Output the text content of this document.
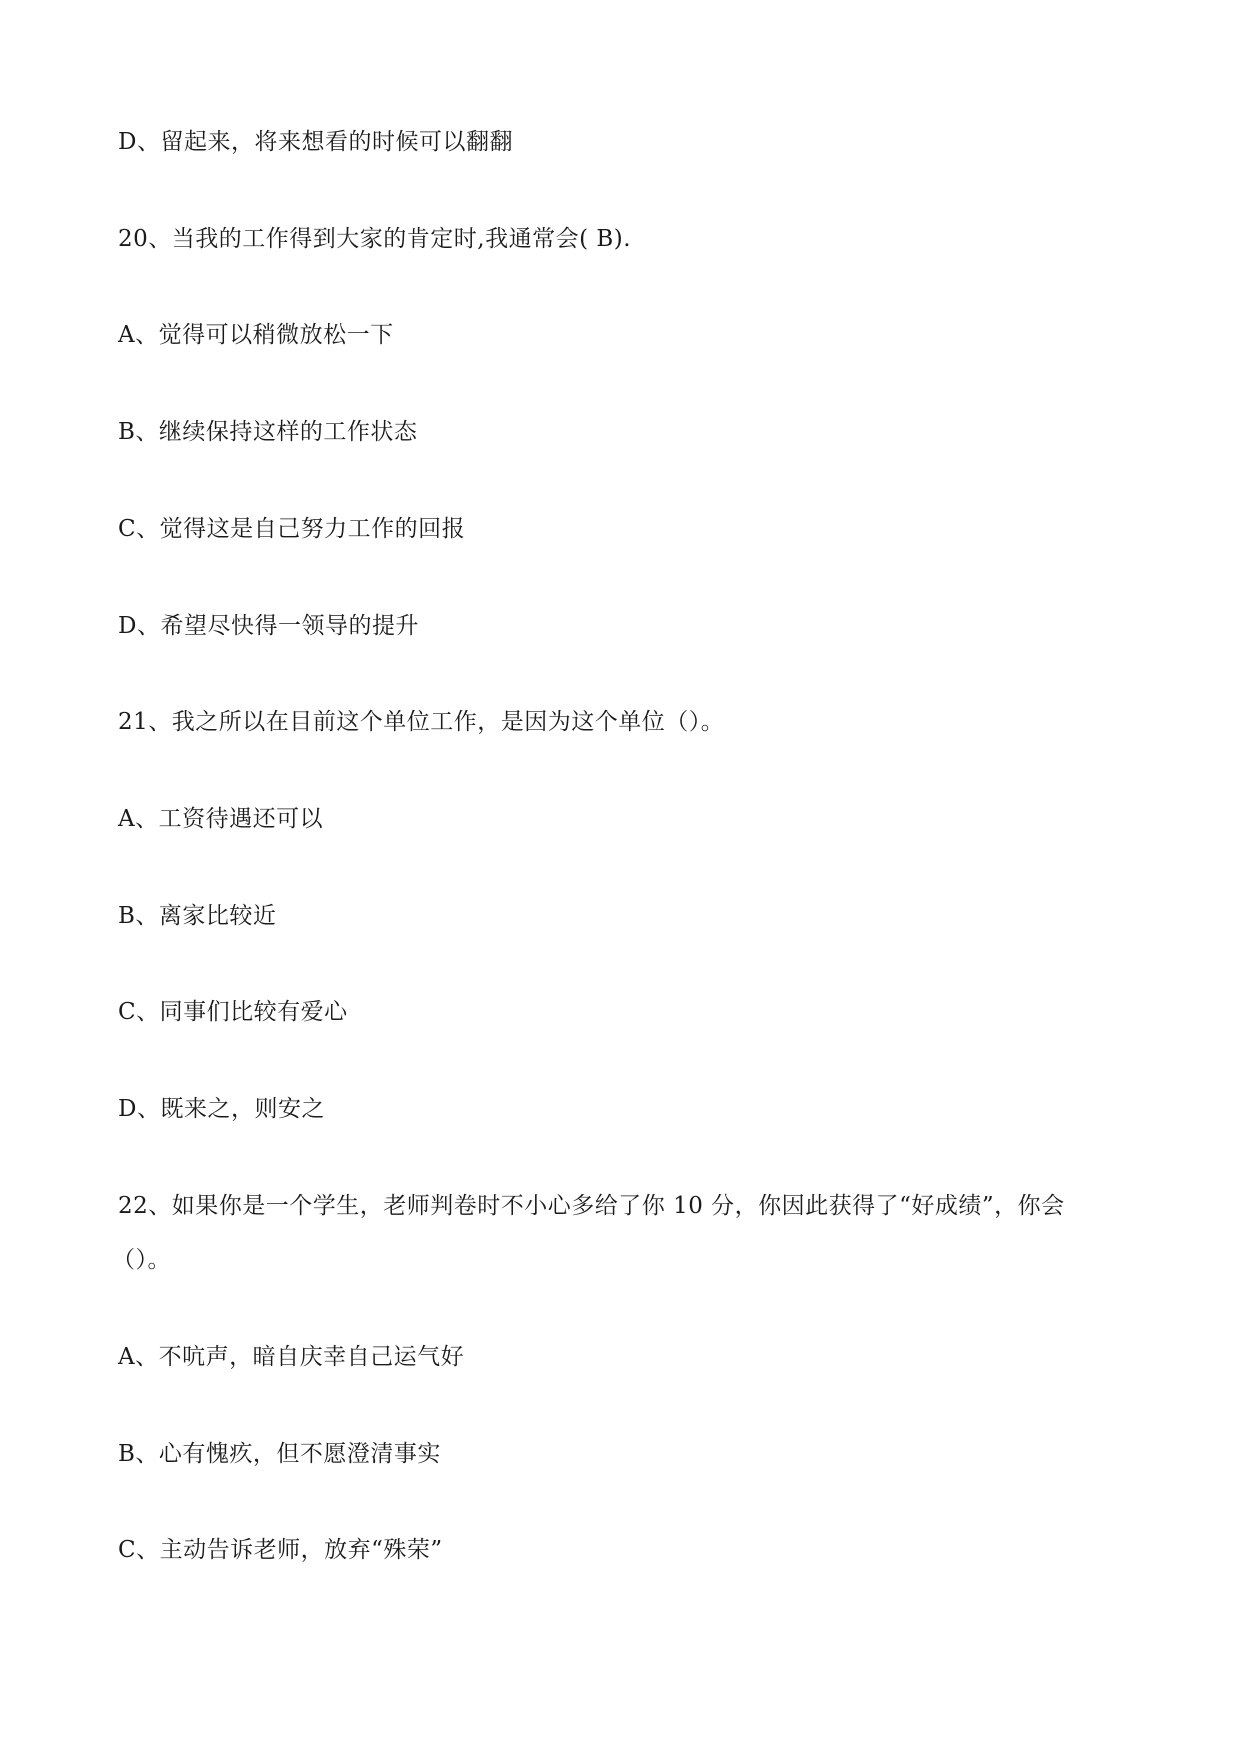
D、留起来，将来想看的时候可以翻翻
20、当我的工作得到大家的肯定时,我通常会( B).
A、觉得可以稍微放松一下
B、继续保持这样的工作状态
C、觉得这是自己努力工作的回报
D、希望尽快得一领导的提升
21、我之所以在目前这个单位工作，是因为这个单位（）。
A、工资待遇还可以
B、离家比较近
C、同事们比较有爱心
D、既来之，则安之
22、如果你是一个学生，老师判卷时不小心多给了你 10 分，你因此获得了“好成绩”，你会
（）。
A、不吭声，暗自庆幸自己运气好
B、心有愧疚，但不愿澄清事实
C、主动告诉老师，放弃“殊荣”
